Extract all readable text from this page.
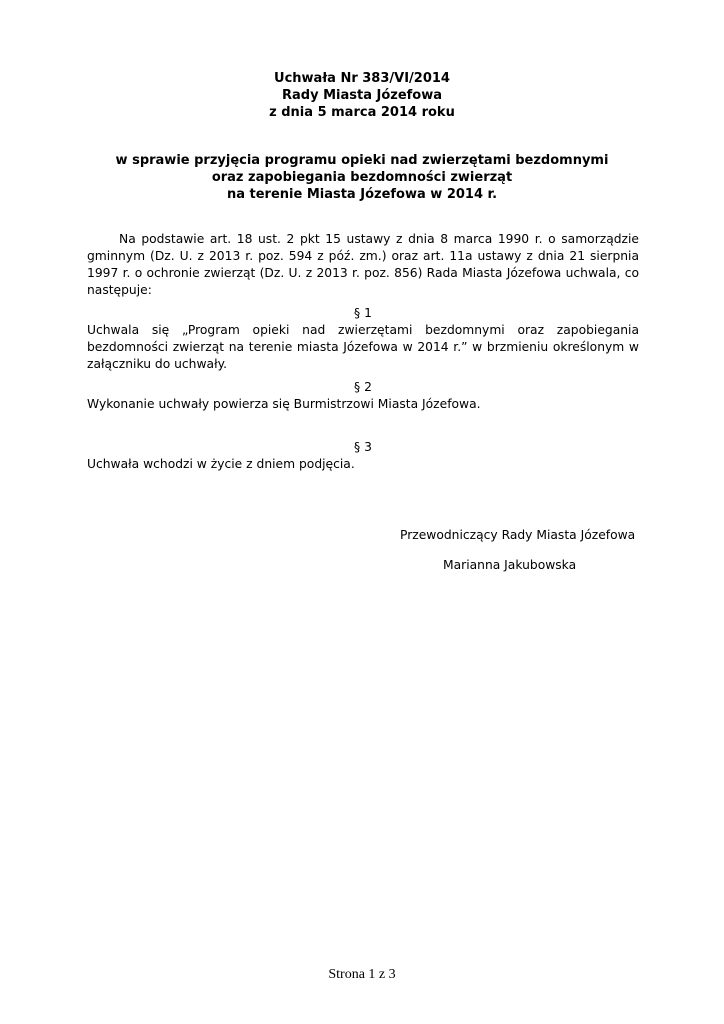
Uchwała Nr 383/VI/2014
Rady Miasta Józefowa
z dnia 5 marca 2014 roku
w sprawie przyjęcia programu opieki nad zwierzętami bezdomnymi
oraz zapobiegania bezdomności zwierząt
na terenie Miasta Józefowa w 2014 r.
Na podstawie art. 18 ust. 2 pkt 15 ustawy z dnia 8 marca 1990 r. o samorządzie gminnym (Dz. U. z 2013 r. poz. 594 z póź. zm.) oraz art. 11a ustawy z dnia 21 sierpnia 1997 r. o ochronie zwierząt (Dz. U. z 2013 r. poz. 856) Rada Miasta Józefowa uchwala, co następuje:
§ 1
Uchwala się „Program opieki nad zwierzętami bezdomnymi oraz zapobiegania bezdomności zwierząt na terenie miasta Józefowa w 2014 r.” w brzmieniu określonym w załączniku do uchwały.
§ 2
Wykonanie uchwały powierza się Burmistrzowi Miasta Józefowa.
§ 3
Uchwała wchodzi w życie z dniem podjęcia.
Przewodniczący Rady Miasta Józefowa
Marianna Jakubowska
Strona 1 z 3
